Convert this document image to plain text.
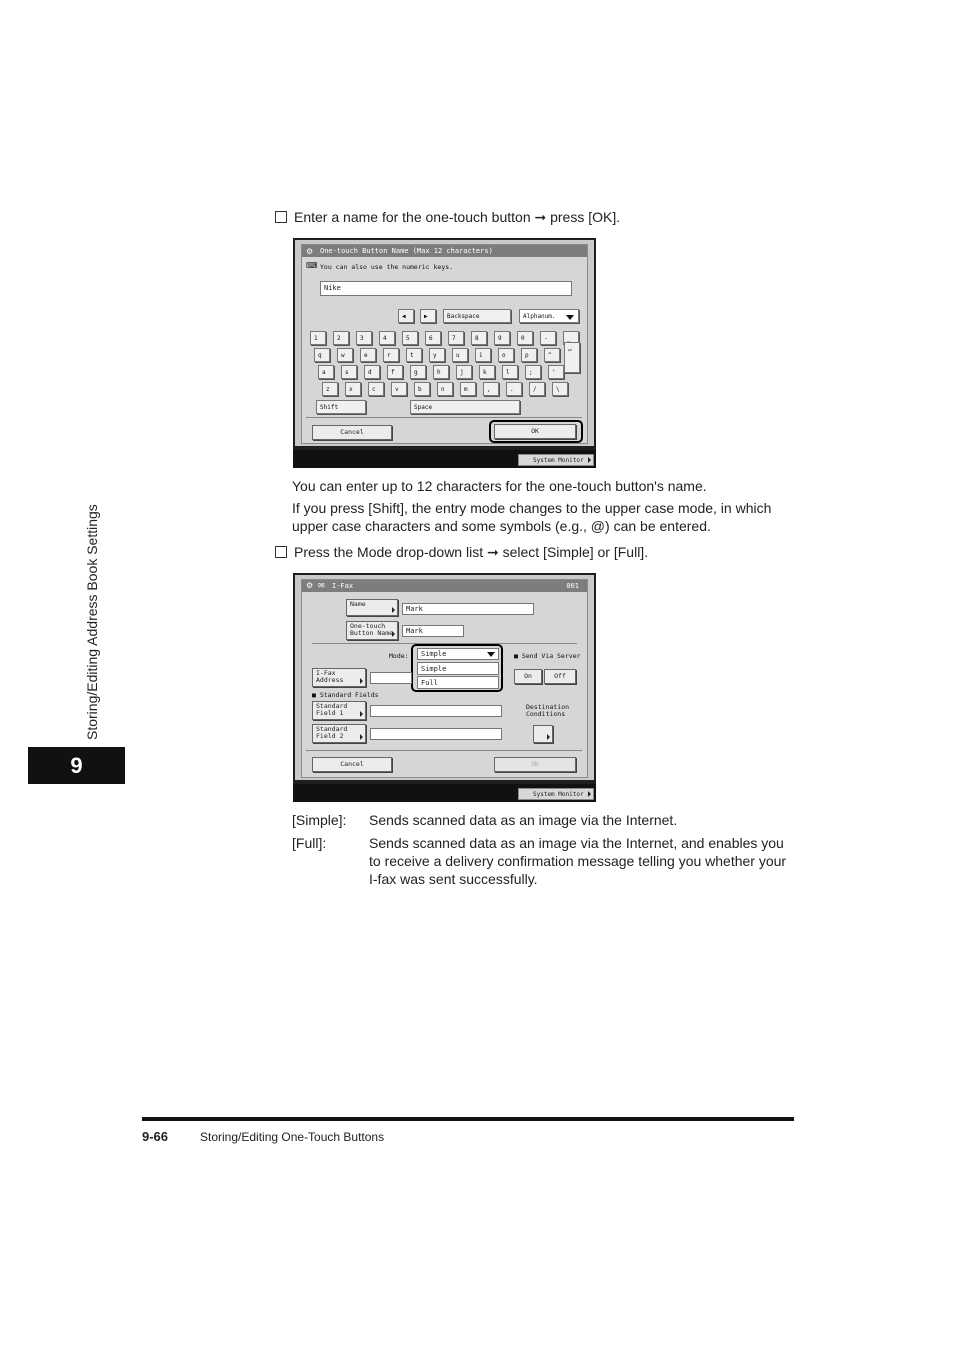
Storing/Editing Address Book Settings
9
Enter a name for the one-touch button ➞ press [OK].
One-touch Button Name (Max 12 characters)
⚙
⌨ You can also use the numeric keys.
Nike
◀	▶	Backspace	Alphanum.
1	2	3	4	5	6	7	8	9	0	-	_
q	w	e	r	t	y	u	i	o	p	^
a	s	d	f	g	h	j	k	l	;	'
z	x	c	v	b	n	m	,	.	/	\
↵
Shift	Space
Cancel	OK
System Monitor
You can enter up to 12 characters for the one-touch button's name.
If you press [Shift], the entry mode changes to the upper case mode, in which upper case characters and some symbols (e.g., @) can be entered.
Press the Mode drop-down list ➞ select [Simple] or [Full].
I-Fax	001
⚙ ✉
Name
Mark
One-touch Button Name	Mark
Mode:	Simple
Simple
Full
■ Send Via Server
On	Off
I-Fax Address
■ Standard Fields
Standard Field 1
Standard Field 2
Destination Conditions
Cancel	OK
System Monitor
[Simple]: Sends scanned data as an image via the Internet.
[Full]:	Sends scanned data as an image via the Internet, and enables you to receive a delivery confirmation message telling you whether your I-fax was sent successfully.
9-66	Storing/Editing One-Touch Buttons
